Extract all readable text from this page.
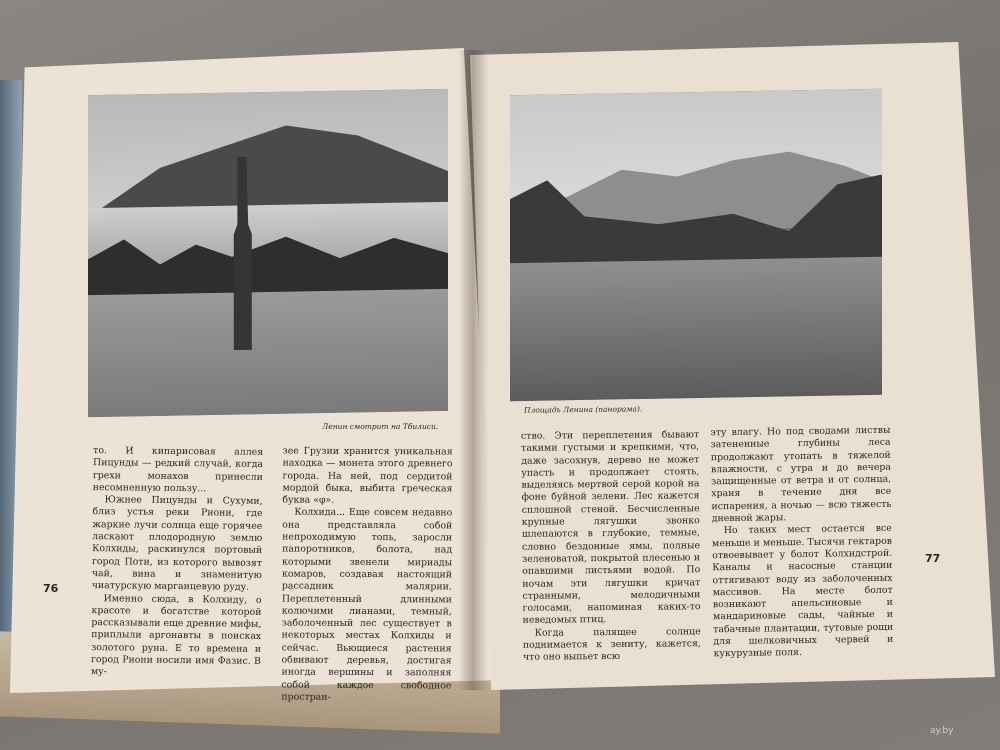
Ленин смотрит на Тбилиси.
Площадь Ленина (панорама).

то. И кипарисовая аллея Пицунды — редкий случай, когда грехи монахов принесли несомненную пользу...

Южнее Пицунды и Сухуми, близ устья реки Риони, где жаркие лучи солнца еще горячее ласкают плодородную землю Колхиды, раскинулся портовый город Поти, из которого вывозят чай, вина и знаменитую чиатурскую марганцевую руду.

Именно сюда, в Колхиду, о красоте и богатстве которой рассказывали еще древние мифы, приплыли аргонавты в поисках золотого руна. Е то времена и город Риони носили имя Фазис. В му-

зее Грузии хранится уникальная находка — монета этого древнего города. На ней, под сердитой мордой быка, выбита греческая буква «φ».

Колхида... Еще совсем недавно она представляла собой непроходимую топь, заросли папоротников, болота, над которыми звенели мириады комаров, создавая настоящий рассадник малярии. Переплетенный длинными колючими лианами, темный, заболоченный лес существует в некоторых местах Колхиды и сейчас. Вьющиеся растения обвивают деревья, достигая иногда вершины и заполняя собой каждое свободное простран-

ство. Эти переплетения бывают такими густыми и крепкими, что, даже засохнув, дерево не может упасть и продолжает стоять, выделяясь мертвой серой корой на фоне буйной зелени. Лес кажется сплошной стеной. Бесчисленные крупные лягушки звонко шлепаются в глубокие, темные, словно бездонные ямы, полные зеленоватой, покрытой плесенью и опавшими листьями водой. По ночам эти лягушки кричат странными, мелодичными голосами, напоминая каких-то неведомых птиц.

Когда палящее солнце поднимается к зениту, кажется, что оно выпьет всю

эту влагу. Но под сводами листвы затененные глубины леса продолжают утопать в тяжелой влажности, с утра и до вечера защищенные от ветра и от солнца, храня в течение дня все испарения, а ночью — всю тяжесть дневной жары.

Но таких мест остается все меньше и меньше. Тысячи гектаров отвоевывает у болот Колхидстрой. Каналы и насосные станции оттягивают воду из заболоченных массивов. На месте болот возникают апельсиновые и мандариновые сады, чайные и табачные плантации, тутовые рощи для шелковичных червей и кукурузные поля.

76
77
ay.by
